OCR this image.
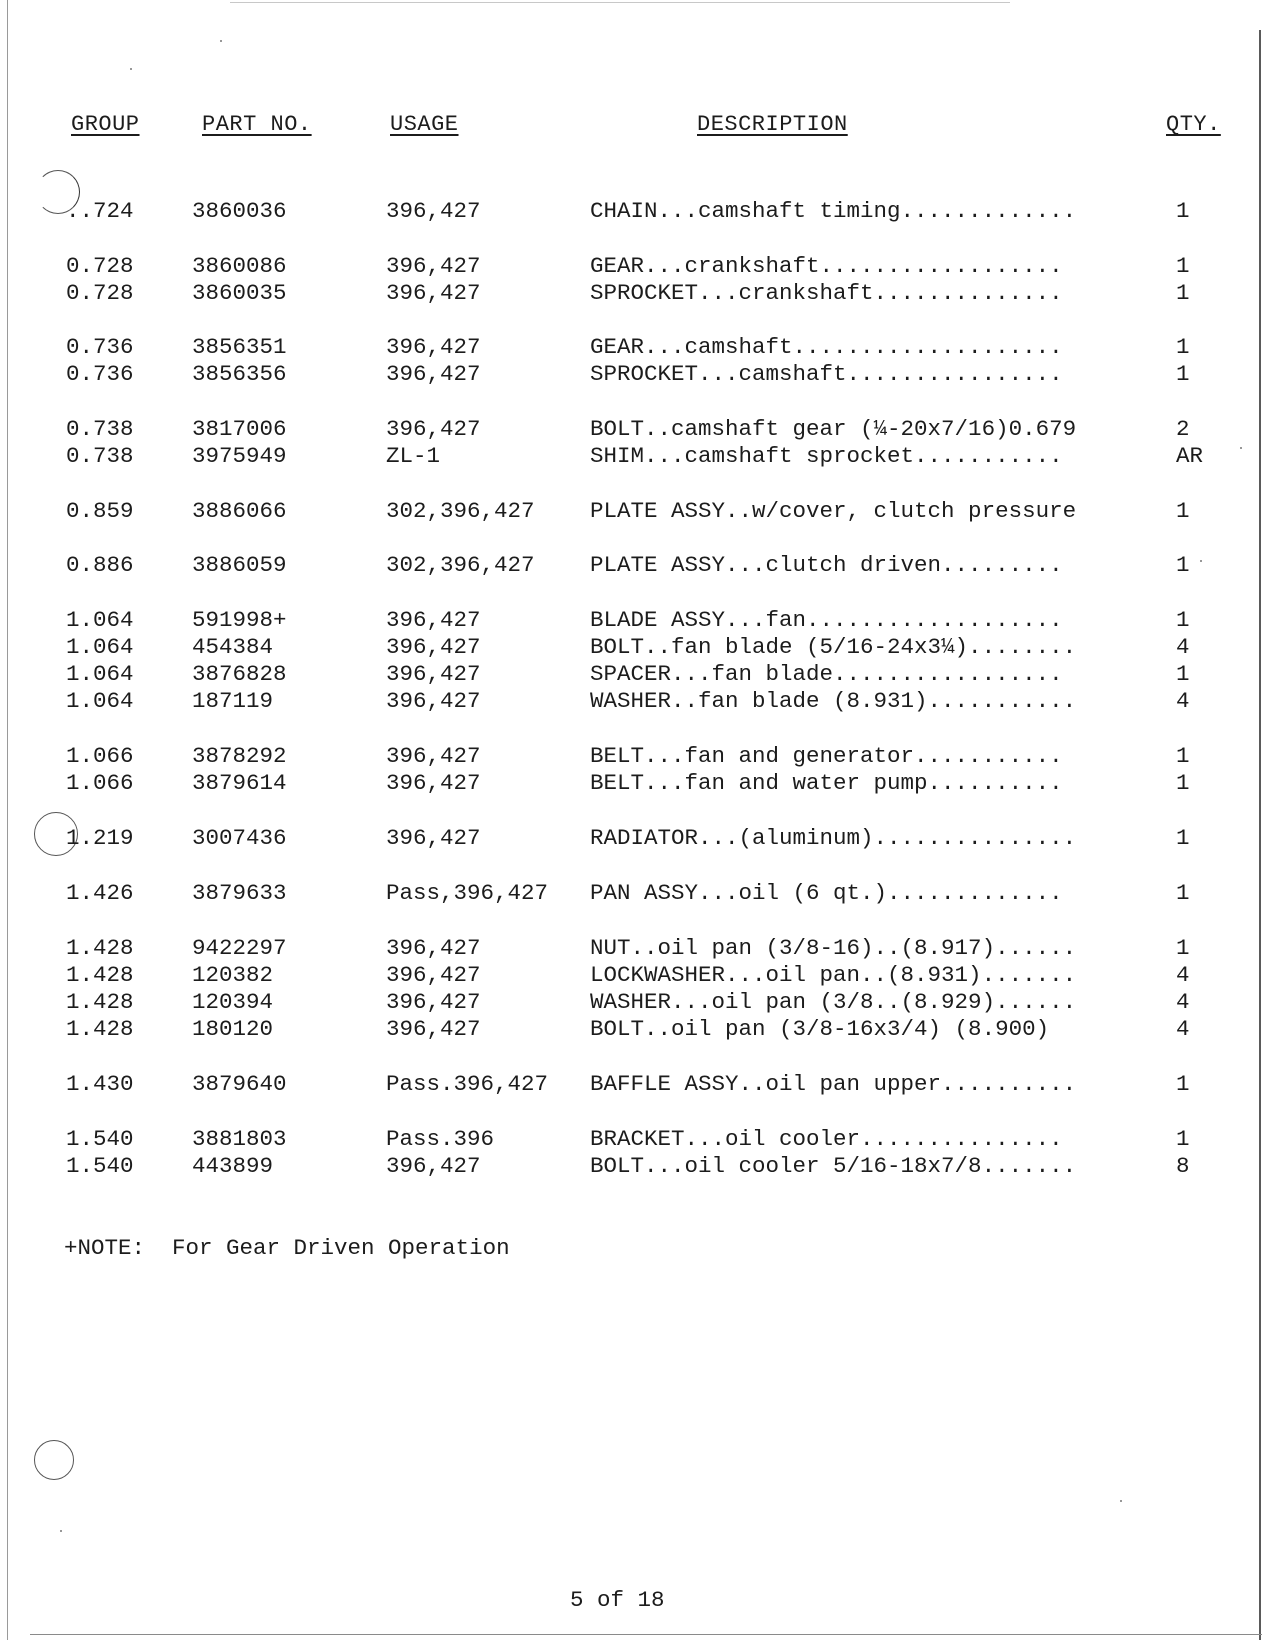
GROUP	PART NO.	USAGE	DESCRIPTION	QTY.
..724	3860036	396,427	CHAIN...camshaft timing.............	1
0.728	3860086	396,427	GEAR...crankshaft..................	1
0.728	3860035	396,427	SPROCKET...crankshaft..............	1
0.736	3856351	396,427	GEAR...camshaft....................	1
0.736	3856356	396,427	SPROCKET...camshaft................	1
0.738	3817006	396,427	BOLT..camshaft gear (¼-20x7/16)0.679	2
0.738	3975949	ZL-1	SHIM...camshaft sprocket...........	AR
0.859	3886066	302,396,427 PLATE ASSY..w/cover, clutch pressure	1
0.886	3886059	302,396,427 PLATE ASSY...clutch driven.........	1
1.064	591998+	396,427	BLADE ASSY...fan...................	1
1.064	454384	396,427	BOLT..fan blade (5/16-24x3¼)........	4
1.064	3876828	396,427	SPACER...fan blade.................	1
1.064	187119	396,427	WASHER..fan blade (8.931)...........	4
1.066	3878292	396,427	BELT...fan and generator...........	1
1.066	3879614	396,427	BELT...fan and water pump..........	1
1.219	3007436	396,427	RADIATOR...(aluminum)...............	1
1.426	3879633	Pass,396,427 PAN ASSY...oil (6 qt.).............	1
1.428	9422297	396,427	NUT..oil pan (3/8-16)..(8.917)......	1
1.428	120382	396,427	LOCKWASHER...oil pan..(8.931).......	4
1.428	120394	396,427	WASHER...oil pan (3/8..(8.929)......	4
1.428	180120	396,427	BOLT..oil pan (3/8-16x3/4) (8.900)	4
1.430	3879640	Pass.396,427 BAFFLE ASSY..oil pan upper..........	1
1.540	3881803	Pass.396	BRACKET...oil cooler...............	1
1.540	443899	396,427	BOLT...oil cooler 5/16-18x7/8.......	8
+NOTE:  For Gear Driven Operation
5 of 18
